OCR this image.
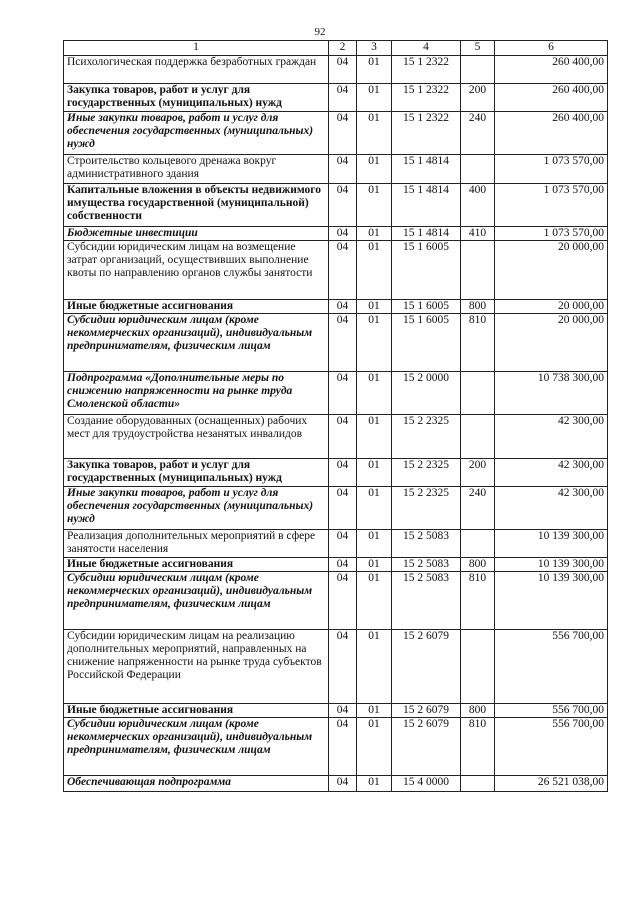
92
1	2	3	4	5	6
Психологическая поддержка безработных граждан	04	01	15 1 2322		260 400,00
Закупка товаров, работ и услуг для государственных (муниципальных) нужд	04	01	15 1 2322	200	260 400,00
Иные закупки товаров, работ и услуг для обеспечения государственных (муниципальных) нужд	04	01	15 1 2322	240	260 400,00
Строительство кольцевого дренажа вокруг административного здания	04	01	15 1 4814		1 073 570,00
Капитальные вложения в объекты недвижимого имущества государственной (муниципальной) собственности	04	01	15 1 4814	400	1 073 570,00
Бюджетные инвестиции	04	01	15 1 4814	410	1 073 570,00
Субсидии юридическим лицам на возмещение затрат организаций, осуществивших выполнение квоты по направлению органов службы занятости	04	01	15 1 6005		20 000,00
Иные бюджетные ассигнования	04	01	15 1 6005	800	20 000,00
Субсидии юридическим лицам (кроме некоммерческих организаций), индивидуальным предпринимателям, физическим лицам	04	01	15 1 6005	810	20 000,00
Подпрограмма «Дополнительные меры по снижению напряженности на рынке труда Смоленской области»	04	01	15 2 0000		10 738 300,00
Создание оборудованных (оснащенных) рабочих мест для трудоустройства незанятых инвалидов	04	01	15 2 2325		42 300,00
Закупка товаров, работ и услуг для государственных (муниципальных) нужд	04	01	15 2 2325	200	42 300,00
Иные закупки товаров, работ и услуг для обеспечения государственных (муниципальных) нужд	04	01	15 2 2325	240	42 300,00
Реализация дополнительных мероприятий в сфере занятости населения	04	01	15 2 5083		10 139 300,00
Иные бюджетные ассигнования	04	01	15 2 5083	800	10 139 300,00
Субсидии юридическим лицам (кроме некоммерческих организаций), индивидуальным предпринимателям, физическим лицам	04	01	15 2 5083	810	10 139 300,00
Субсидии юридическим лицам на реализацию дополнительных мероприятий, направленных на снижение напряженности на рынке труда субъектов Российской Федерации	04	01	15 2 6079		556 700,00
Иные бюджетные ассигнования	04	01	15 2 6079	800	556 700,00
Субсидии юридическим лицам (кроме некоммерческих организаций), индивидуальным предпринимателям, физическим лицам	04	01	15 2 6079	810	556 700,00
Обеспечивающая подпрограмма	04	01	15 4 0000		26 521 038,00
